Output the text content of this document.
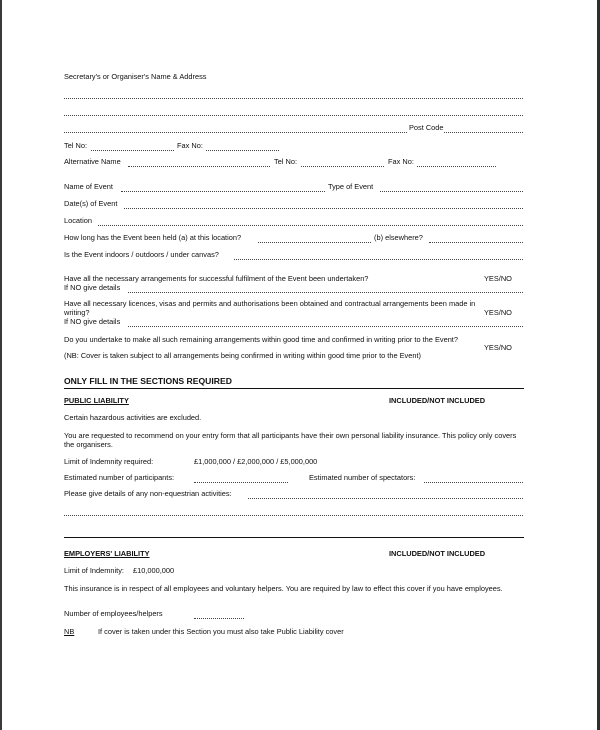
Secretary's or Organiser's Name & Address
Post Code
Tel No:	Fax No:
Alternative Name	Tel No:	Fax No:
Name of Event	Type of Event
Date(s) of Event
Location
How long has the Event been held (a) at this location?	(b) elsewhere?
Is the Event indoors / outdoors / under canvas?
Have all the necessary arrangements for successful fulfilment of the Event been undertaken?	YES/NO
If NO give details
Have all necessary licences, visas and permits and authorisations been obtained and contractual arrangements been made in
writing?	YES/NO
If NO give details
Do you undertake to make all such remaining arrangements within good time and confirmed in writing prior to the Event?
YES/NO
(NB: Cover is taken subject to all arrangements being confirmed in writing within good time prior to the Event)
ONLY FILL IN THE SECTIONS REQUIRED
PUBLIC LIABILITY	INCLUDED/NOT INCLUDED
Certain hazardous activities are excluded.
You are requested to recommend on your entry form that all participants have their own personal liability insurance. This policy only covers the organisers.
Limit of Indemnity required:	£1,000,000 / £2,000,000 / £5,000,000
Estimated number of participants:	Estimated number of spectators:
Please give details of any non-equestrian activities:
EMPLOYERS' LIABILITY	INCLUDED/NOT INCLUDED
Limit of Indemnity: £10,000,000
This insurance is in respect of all employees and voluntary helpers. You are required by law to effect this cover if you have employees.
Number of employees/helpers
NB	If cover is taken under this Section you must also take Public Liability cover
